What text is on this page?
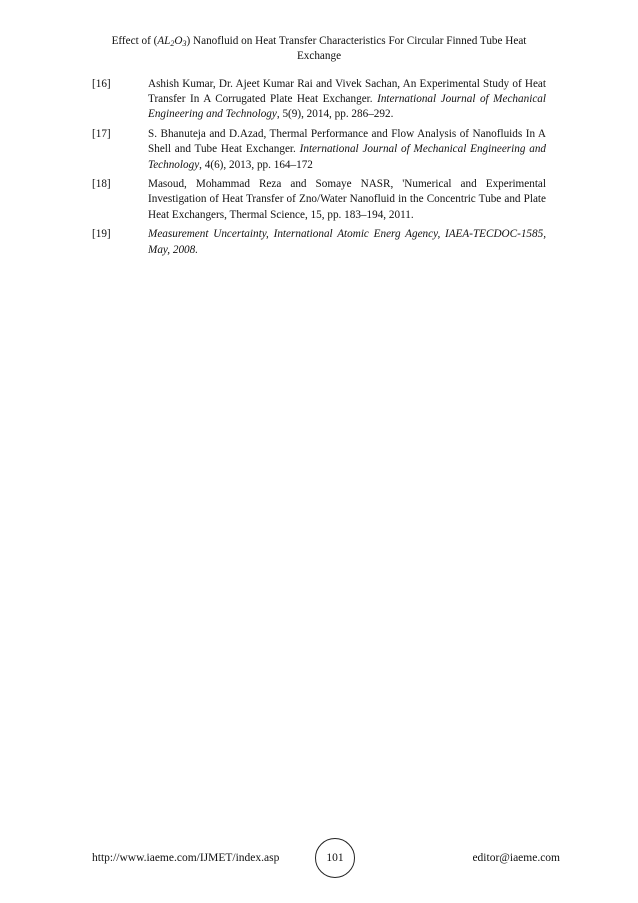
Effect of $(AL_2O_3)$ Nanofluid on Heat Transfer Characteristics For Circular Finned Tube Heat
Exchange
[16]	Ashish Kumar, Dr. Ajeet Kumar Rai and Vivek Sachan, An Experimental Study of Heat Transfer In A Corrugated Plate Heat Exchanger. International Journal of Mechanical Engineering and Technology, 5(9), 2014, pp. 286–292.
[17]	S. Bhanuteja and D.Azad, Thermal Performance and Flow Analysis of Nanofluids In A Shell and Tube Heat Exchanger. International Journal of Mechanical Engineering and Technology, 4(6), 2013, pp. 164–172
[18]	Masoud, Mohammad Reza and Somaye NASR, 'Numerical and Experimental Investigation of Heat Transfer of Zno/Water Nanofluid in the Concentric Tube and Plate Heat Exchangers, Thermal Science, 15, pp. 183–194, 2011.
[19]	Measurement Uncertainty, International Atomic Energ Agency, IAEA-TECDOC-1585, May, 2008.
http://www.iaeme.com/IJMET/index.asp	101	editor@iaeme.com
